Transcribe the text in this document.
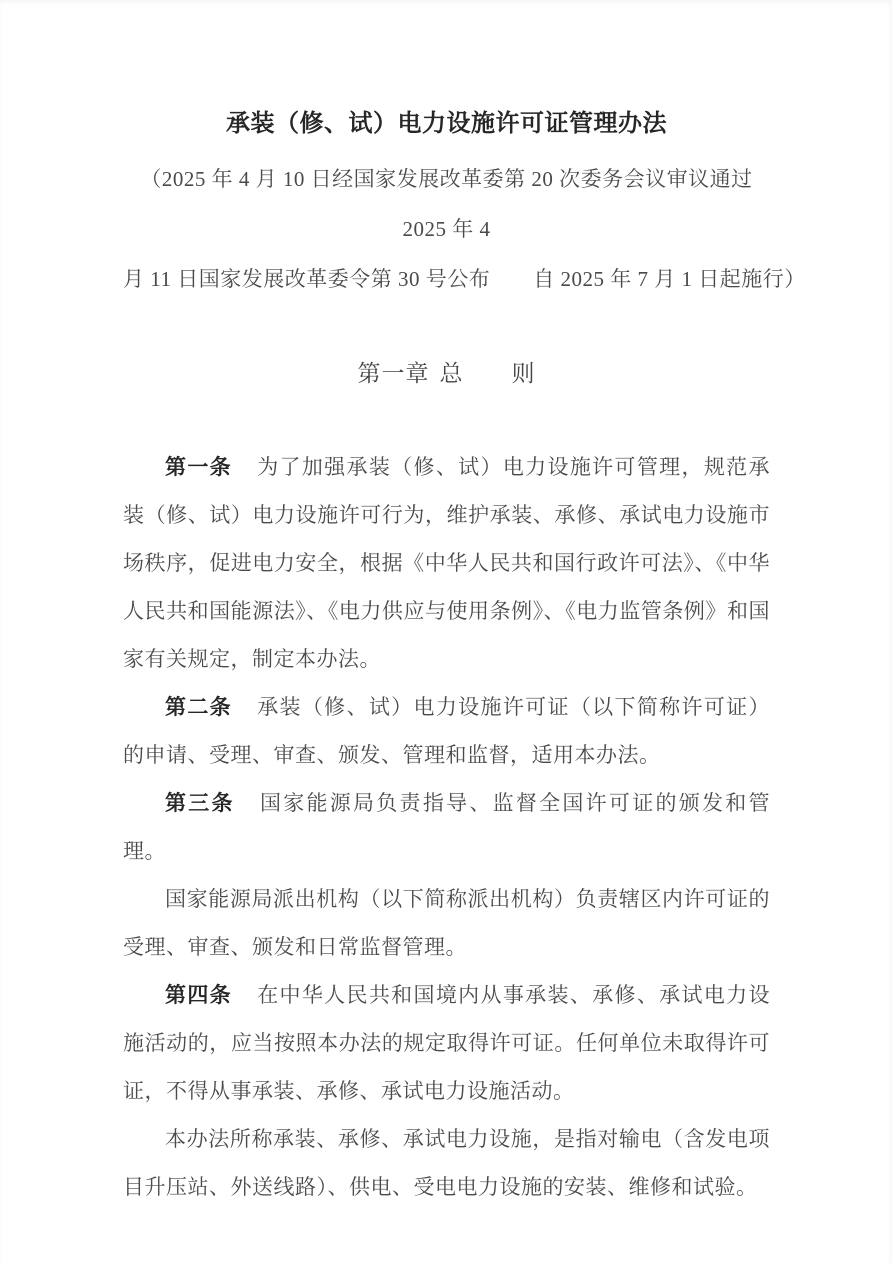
承装（修、试）电力设施许可证管理办法

（2025 年 4 月 10 日经国家发展改革委第 20 次委务会议审议通过

2025 年 4

月 11 日国家发展改革委令第 30 号公布　　自 2025 年 7 月 1 日起施行）

第一章 总　　则

第一条 为了加强承装（修、试）电力设施许可管理，规范承装（修、试）电力设施许可行为，维护承装、承修、承试电力设施市场秩序，促进电力安全，根据《中华人民共和国行政许可法》、《中华人民共和国能源法》、《电力供应与使用条例》、《电力监管条例》和国家有关规定，制定本办法。

第二条 承装（修、试）电力设施许可证（以下简称许可证）的申请、受理、审查、颁发、管理和监督，适用本办法。

第三条 国家能源局负责指导、监督全国许可证的颁发和管理。

国家能源局派出机构（以下简称派出机构）负责辖区内许可证的受理、审查、颁发和日常监督管理。

第四条 在中华人民共和国境内从事承装、承修、承试电力设施活动的，应当按照本办法的规定取得许可证。任何单位未取得许可证，不得从事承装、承修、承试电力设施活动。

本办法所称承装、承修、承试电力设施，是指对输电（含发电项目升压站、外送线路）、供电、受电电力设施的安装、维修和试验。
